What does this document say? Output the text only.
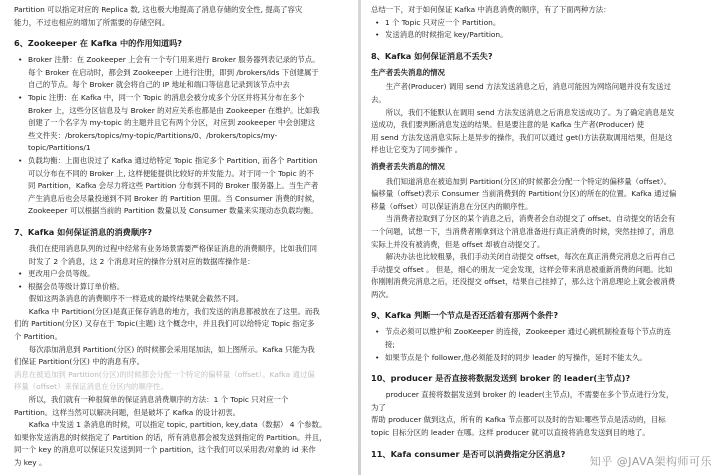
Partition 可以指定对应的 Replica 数, 这也极大地提高了消息存储的安全性, 提高了容灾
能力，不过也相应的增加了所需要的存储空间。
6、Zookeeper 在 Kafka 中的作用知道吗?
• Broker 注册：在 Zookeeper 上会有一个专门用来进行 Broker 服务器列表记录的节点。
每个 Broker 在启动时，都会到 Zookeeper 上进行注册，即到 /brokers/ids 下创建属于
自己的节点。每个 Broker 就会将自己的 IP 地址和端口等信息记录到该节点中去
• Topic 注册：在 Kafka 中，同一个 Topic 的消息会被分成多个分区并将其分布在多个
Broker 上，这些分区信息及与 Broker 的对应关系也都是由 Zookeeper 在维护。比如我
创建了一个名字为 my-topic 的主题并且它有两个分区，对应到 zookeeper 中会创建这
些文件夹：/brokers/topics/my-topic/Partitions/0、/brokers/topics/my-
topic/Partitions/1
• 负载均衡：上面也说过了 Kafka 通过给特定 Topic 指定多个 Partition, 而各个 Partition
可以分布在不同的 Broker 上, 这样便能提供比较好的并发能力。对于同一个 Topic 的不
同 Partition，Kafka 会尽力将这些 Partition 分布到不同的 Broker 服务器上。当生产者
产生消息后也会尽量投递到不同 Broker 的 Partition 里面。当 Consumer 消费的时候，
Zookeeper 可以根据当前的 Partition 数量以及 Consumer 数量来实现动态负载均衡。
7、Kafka 如何保证消息的消费顺序?
我们在使用消息队列的过程中经常有业务场景需要严格保证消息的消费顺序，比如我们同
时发了 2 个消息，这 2 个消息对应的操作分别对应的数据库操作是：
• 更改用户会员等级。
• 根据会员等级计算订单价格。
假如这两条消息的消费顺序不一样造成的最终结果就会截然不同。
Kafka 中 Partition(分区)是真正保存消息的地方，我们发送的消息都被放在了这里。而我
们的 Partition(分区) 又存在于 Topic(主题) 这个概念中，并且我们可以给特定 Topic 指定多
个 Partition。
每次添加消息到 Partition(分区) 的时候都会采用尾加法，如上图所示。Kafka 只能为我
们保证 Partition(分区) 中的消息有序。
消息在被追加到 Partition(分区)的时候都会分配一个特定的偏移量（offset）。Kafka 通过偏
移量（offset）来保证消息在分区内的顺序性。
所以，我们就有一种很简单的保证消息消费顺序的方法：1 个 Topic 只对应一个
Partition。这样当然可以解决问题，但是破坏了 Kafka 的设计初衷。
Kafka 中发送 1 条消息的时候，可以指定 topic, partition, key,data（数据） 4 个参数。
如果你发送消息的时候指定了 Partition 的话，所有消息都会被发送到指定的 Partition。并且，
同一个 key 的消息可以保证只发送到同一个 partition，这个我们可以采用表/对象的 id 来作
为 key 。
总结一下，对于如何保证 Kafka 中消息消费的顺序，有了下面两种方法：
• 1 个 Topic 只对应一个 Partition。
• 发送消息的时候指定 key/Partition。
8、Kafka 如何保证消息不丢失?
生产者丢失消息的情况
生产者(Producer) 调用 send 方法发送消息之后，消息可能因为网络问题并没有发送过
去。
所以，我们不能默认在调用 send 方法发送消息之后消息发送成功了。为了确定消息是发
送成功，我们要判断消息发送的结果。但是要注意的是 Kafka 生产者(Producer) 使
用 send 方法发送消息实际上是异步的操作，我们可以通过 get()方法获取调用结果，但是这
样也让它变为了同步操作 。
消费者丢失消息的情况
我们知道消息在被追加到 Partition(分区)的时候都会分配一个特定的偏移量（offset）。
偏移量（offset)表示 Consumer 当前消费到的 Partition(分区)的所在的位置。Kafka 通过偏
移量（offset）可以保证消息在分区内的顺序性。
当消费者拉取到了分区的某个消息之后，消费者会自动提交了 offset。自动提交的话会有
一个问题，试想一下，当消费者刚拿到这个消息准备进行真正消费的时候，突然挂掉了，消息
实际上并没有被消费，但是 offset 却被自动提交了。
解决办法也比较粗暴，我们手动关闭自动提交 offset，每次在真正消费完消息之后再自己
手动提交 offset 。 但是，细心的朋友一定会发现，这样会带来消息被重新消费的问题。比如
你刚刚消费完消息之后，还没提交 offset，结果自己挂掉了，那么这个消息理论上就会被消费
两次。
9、Kafka 判断一个节点是否还活着有那两个条件?
• 节点必须可以维护和 ZooKeeper 的连接，Zookeeper 通过心跳机制检查每个节点的连
接;
• 如果节点是个 follower,他必须能及时的同步 leader 的写操作，延时不能太久。
10、producer 是否直接将数据发送到 broker 的 leader(主节点)?
producer 直接将数据发送到 broker 的 leader(主节点)，不需要在多个节点进行分发，
为了
帮助 producer 做到这点，所有的 Kafka 节点都可以及时的告知:哪些节点是活动的，目标
topic 目标分区的 leader 在哪。这样 producer 就可以直接将消息发送到目的地了。
11、Kafa consumer 是否可以消费指定分区消息?
知乎 @JAVA架构师可乐
